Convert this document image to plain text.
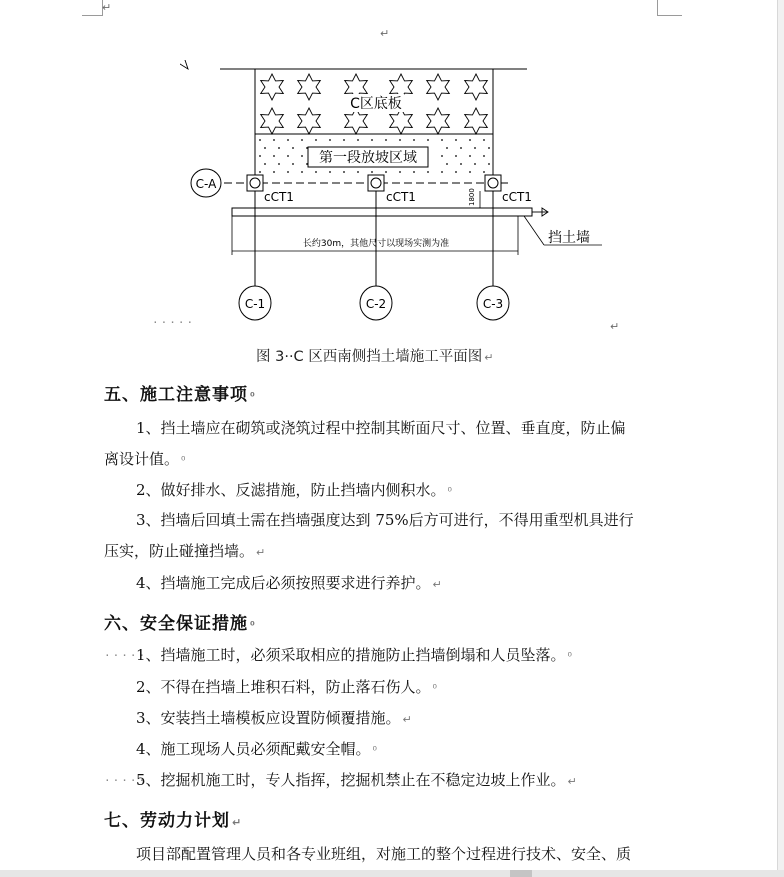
↵
↵
C区底板
第一段放坡区域
C-A
cCT1	cCT1	cCT1
1800
长约30m，其他尺寸以现场实测为准	挡土墙
C-1	C-2	C-3
·····	↵
图 3··C 区西南侧挡土墙施工平面图 ↵
五、施工注意事项 ⁰
1、挡土墙应在砌筑或浇筑过程中控制其断面尺寸、位置、垂直度，防止偏
离设计值。 ⁰
2、做好排水、反滤措施，防止挡墙内侧积水。 ⁰
3、挡墙后回填土需在挡墙强度达到 75%后方可进行，不得用重型机具进行
压实，防止碰撞挡墙。 ↵
4、挡墙施工完成后必须按照要求进行养护。 ↵
六、安全保证措施 ⁰
·····
1、挡墙施工时，必须采取相应的措施防止挡墙倒塌和人员坠落。 ⁰
2、不得在挡墙上堆积石料，防止落石伤人。 ⁰
3、安装挡土墙模板应设置防倾覆措施。 ↵
4、施工现场人员必须配戴安全帽。 ⁰
·····
5、挖掘机施工时，专人指挥，挖掘机禁止在不稳定边坡上作业。 ↵
七、劳动力计划 ↵
项目部配置管理人员和各专业班组，对施工的整个过程进行技术、安全、质
